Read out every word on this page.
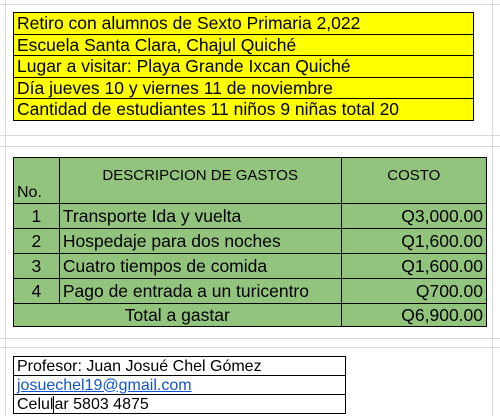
Retiro con alumnos de Sexto Primaria 2,022
Escuela Santa Clara, Chajul Quiché
Lugar a visitar: Playa Grande Ixcan Quiché
Día jueves 10 y viernes 11 de noviembre
Cantidad de estudiantes 11 niños 9 niñas total 20
No.	DESCRIPCION DE GASTOS	COSTO
1	Transporte Ida y vuelta	Q3,000.00
2	Hospedaje para dos noches	Q1,600.00
3	Cuatro tiempos de comida	Q1,600.00
4	Pago de entrada a un turicentro	Q700.00
Total a gastar		Q6,900.00
Profesor: Juan Josué Chel Gómez
josuechel19@gmail.com
Celular 5803 4875
